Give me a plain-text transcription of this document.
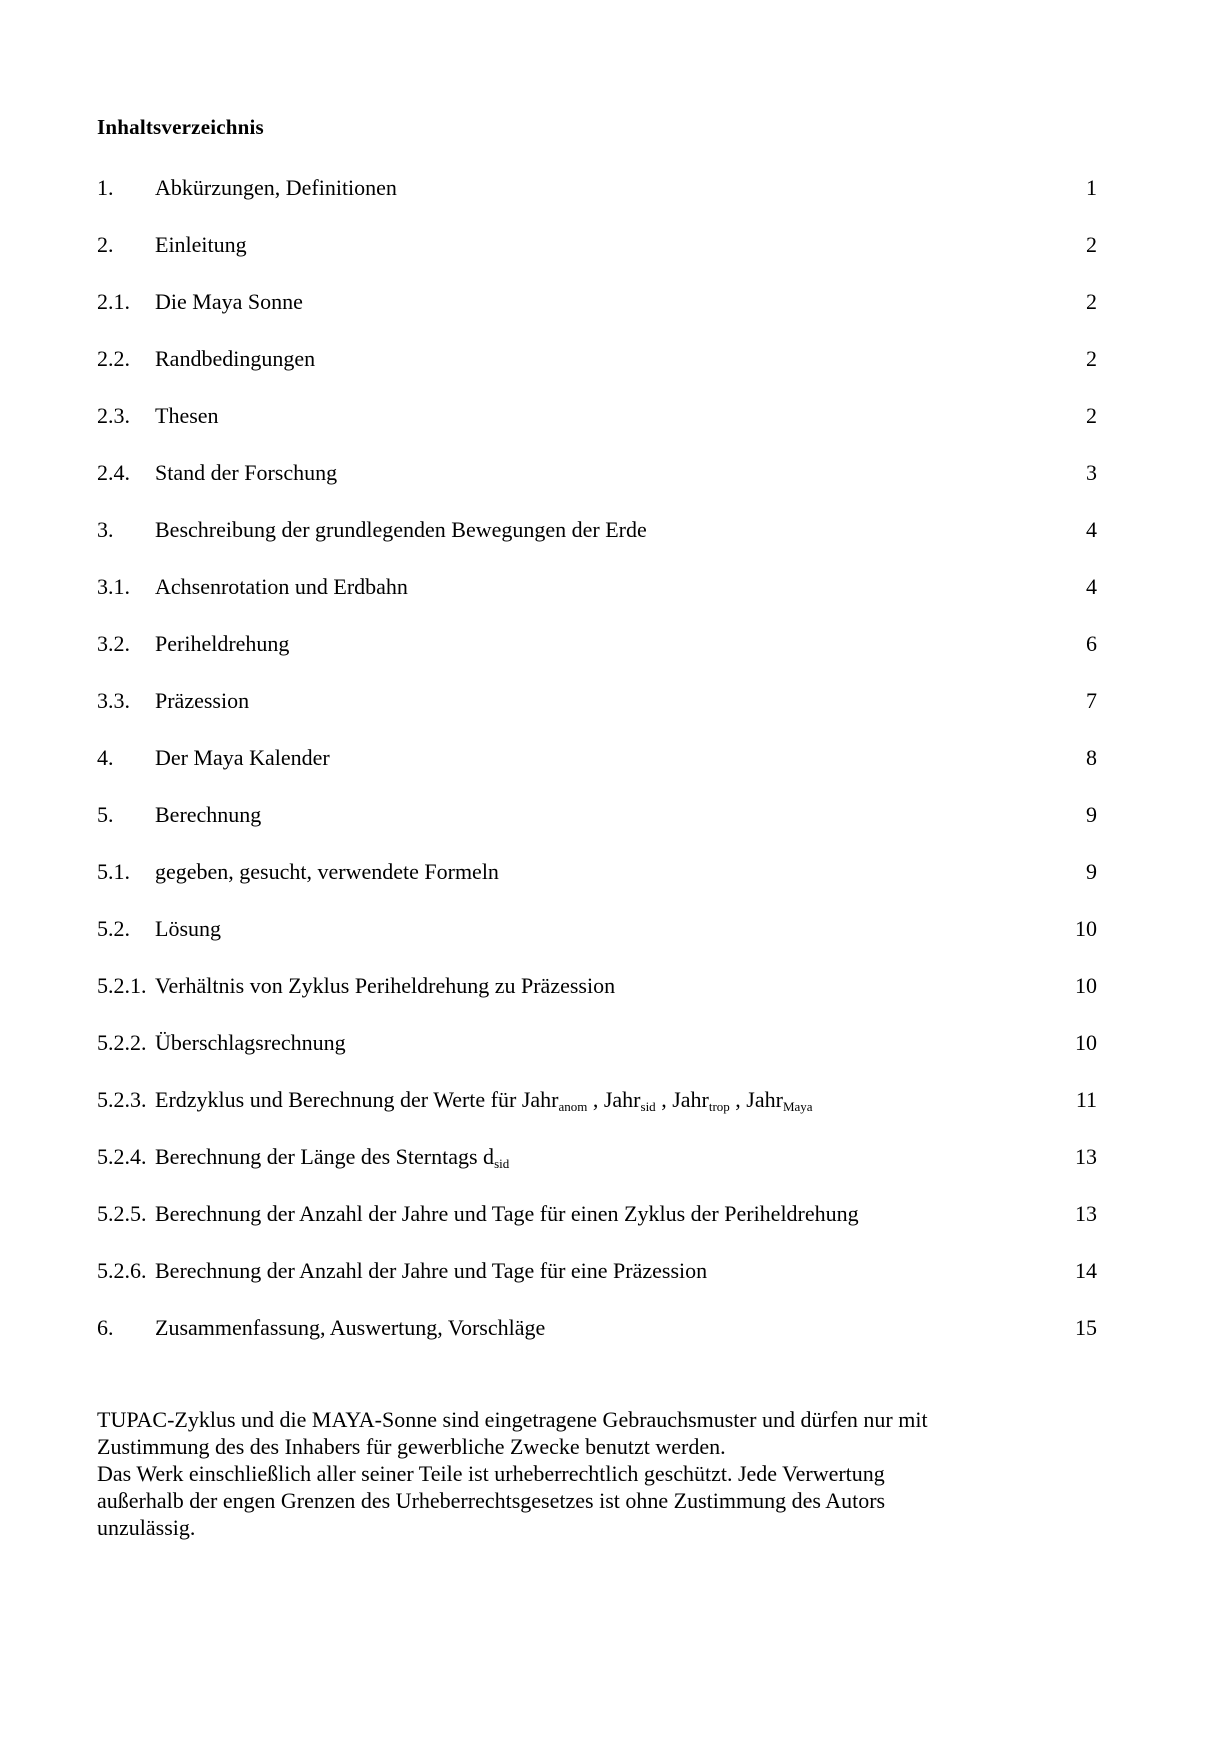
Inhaltsverzeichnis
1.	Abkürzungen, Definitionen	1
2.	Einleitung	2
2.1.	Die Maya Sonne	2
2.2.	Randbedingungen	2
2.3.	Thesen	2
2.4.	Stand der Forschung	3
3.	Beschreibung der grundlegenden Bewegungen der Erde	4
3.1.	Achsenrotation und Erdbahn	4
3.2.	Periheldrehung	6
3.3.	Präzession	7
4.	Der Maya Kalender	8
5.	Berechnung	9
5.1.	gegeben, gesucht, verwendete Formeln	9
5.2.	Lösung	10
5.2.1. Verhältnis von Zyklus Periheldrehung zu Präzession	10
5.2.2. Überschlagsrechnung	10
5.2.3. Erdzyklus und Berechnung der Werte für Jahr$_{anom}$ , Jahr$_{sid}$ , Jahr$_{trop}$ , Jahr$_{Maya}$	11
5.2.4. Berechnung der Länge des Sterntags $d_{sid}$	13
5.2.5. Berechnung der Anzahl der Jahre und Tage für einen Zyklus der Periheldrehung	13
5.2.6. Berechnung der Anzahl der Jahre und Tage für eine Präzession	14
6.	Zusammenfassung, Auswertung, Vorschläge	15
TUPAC-Zyklus und die MAYA-Sonne sind eingetragene Gebrauchsmuster und dürfen nur mit
Zustimmung des des Inhabers für gewerbliche Zwecke benutzt werden.
Das Werk einschließlich aller seiner Teile ist urheberrechtlich geschützt. Jede Verwertung
außerhalb der engen Grenzen des Urheberrechtsgesetzes ist ohne Zustimmung des Autors
unzulässig.
